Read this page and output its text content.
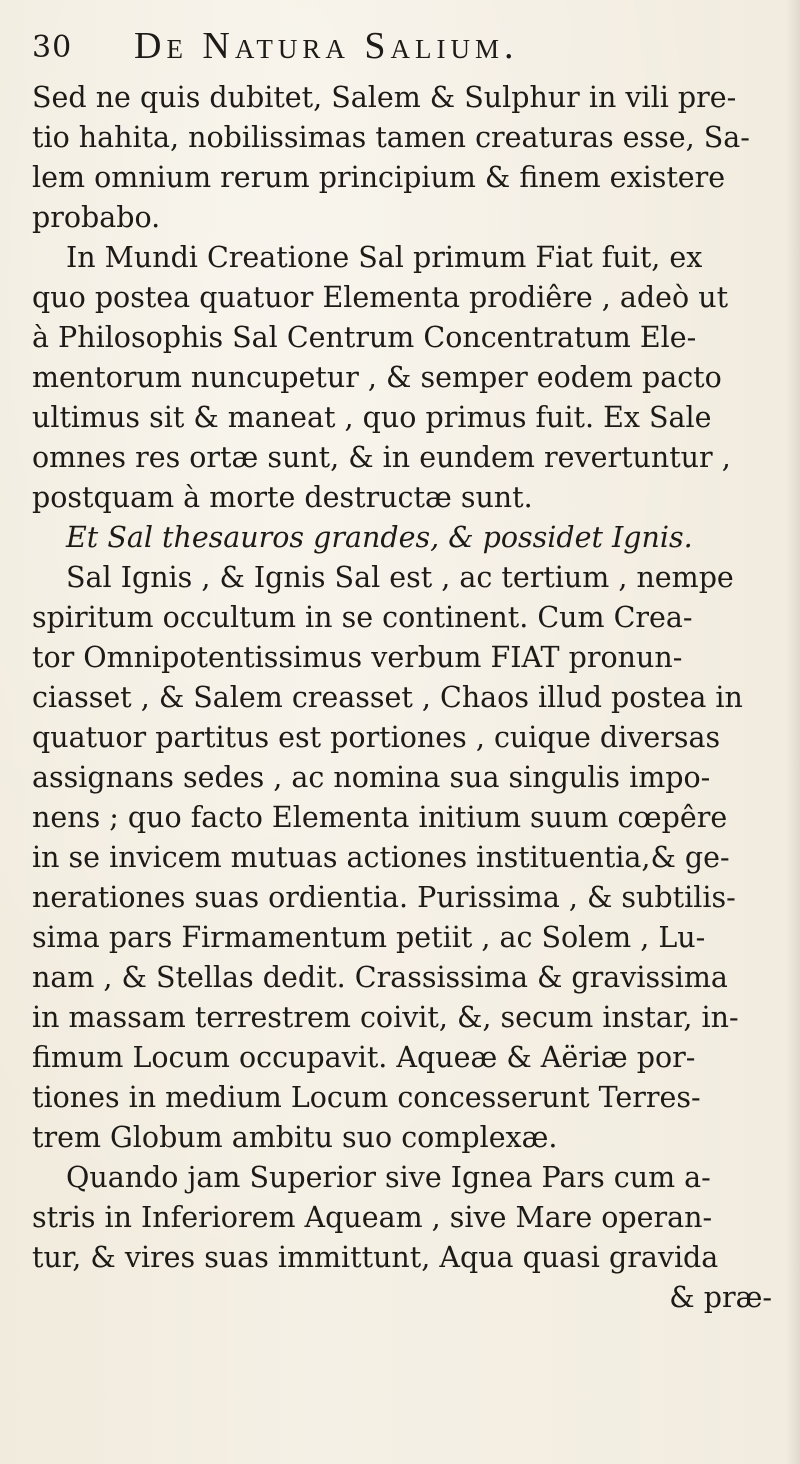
30 De Natura Salium.
Sed ne quis dubitet, Salem & Sulphur in vili pre-
tio hahita, nobilissimas tamen creaturas esse, Sa-
lem omnium rerum principium & finem existere
probabo.
In Mundi Creatione Sal primum Fiat fuit, ex
quo postea quatuor Elementa prodiêre , adeò ut
à Philosophis Sal Centrum Concentratum Ele-
mentorum nuncupetur , & semper eodem pacto
ultimus sit & maneat , quo primus fuit. Ex Sale
omnes res ortæ sunt, & in eundem revertuntur ,
postquam à morte destructæ sunt.
Et Sal thesauros grandes, & possidet Ignis.
Sal Ignis , & Ignis Sal est , ac tertium , nempe
spiritum occultum in se continent. Cum Crea-
tor Omnipotentissimus verbum FIAT pronun-
ciasset , & Salem creasset , Chaos illud postea in
quatuor partitus est portiones , cuique diversas
assignans sedes , ac nomina sua singulis impo-
nens ; quo facto Elementa initium suum cœpêre
in se invicem mutuas actiones instituentia,& ge-
nerationes suas ordientia. Purissima , & subtilis-
sima pars Firmamentum petiit , ac Solem , Lu-
nam , & Stellas dedit. Crassissima & gravissima
in massam terrestrem coivit, &, secum instar, in-
fimum Locum occupavit. Aqueæ & Aëriæ por-
tiones in medium Locum concesserunt Terres-
trem Globum ambitu suo complexæ.
Quando jam Superior sive Ignea Pars cum a-
stris in Inferiorem Aqueam , sive Mare operan-
tur, & vires suas immittunt, Aqua quasi gravida
& præ-
